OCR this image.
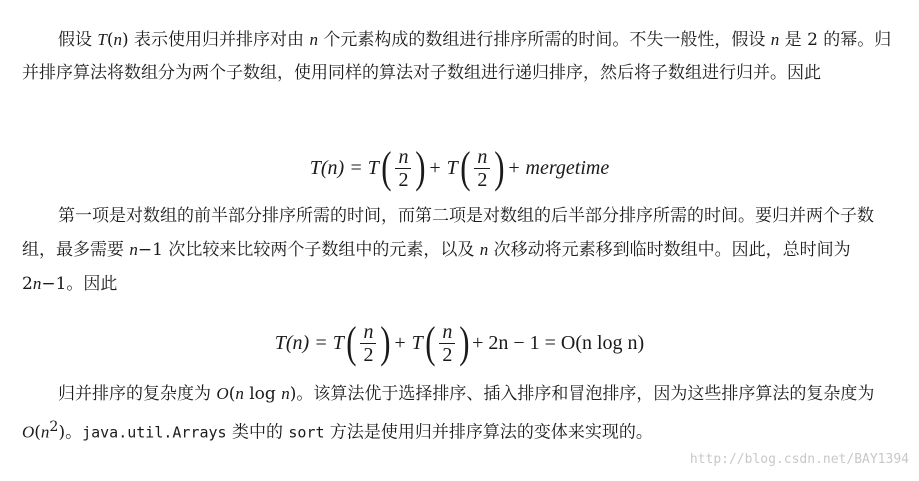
假设 T(n) 表示使用归并排序对由 n 个元素构成的数组进行排序所需的时间。不失一般性，假设 n 是 2 的幂。归并排序算法将数组分为两个子数组，使用同样的算法对子数组进行递归排序，然后将子数组进行归并。因此

T(n) = T ( $\frac{n}{2}$ ) + T ( $\frac{n}{2}$ ) + mergetime

第一项是对数组的前半部分排序所需的时间，而第二项是对数组的后半部分排序所需的时间。要归并两个子数组，最多需要 n−1 次比较来比较两个子数组中的元素，以及 n 次移动将元素移到临时数组中。因此，总时间为 2n−1。因此

T(n) = T ( $\frac{n}{2}$ ) + T ( $\frac{n}{2}$ ) + 2n − 1 = O(n log n)

归并排序的复杂度为 O(n log n)。该算法优于选择排序、插入排序和冒泡排序，因为这些排序算法的复杂度为 $O(n^2)$。java.util.Arrays 类中的 sort 方法是使用归并排序算法的变体来实现的。

http://blog.csdn.net/BAY1394
